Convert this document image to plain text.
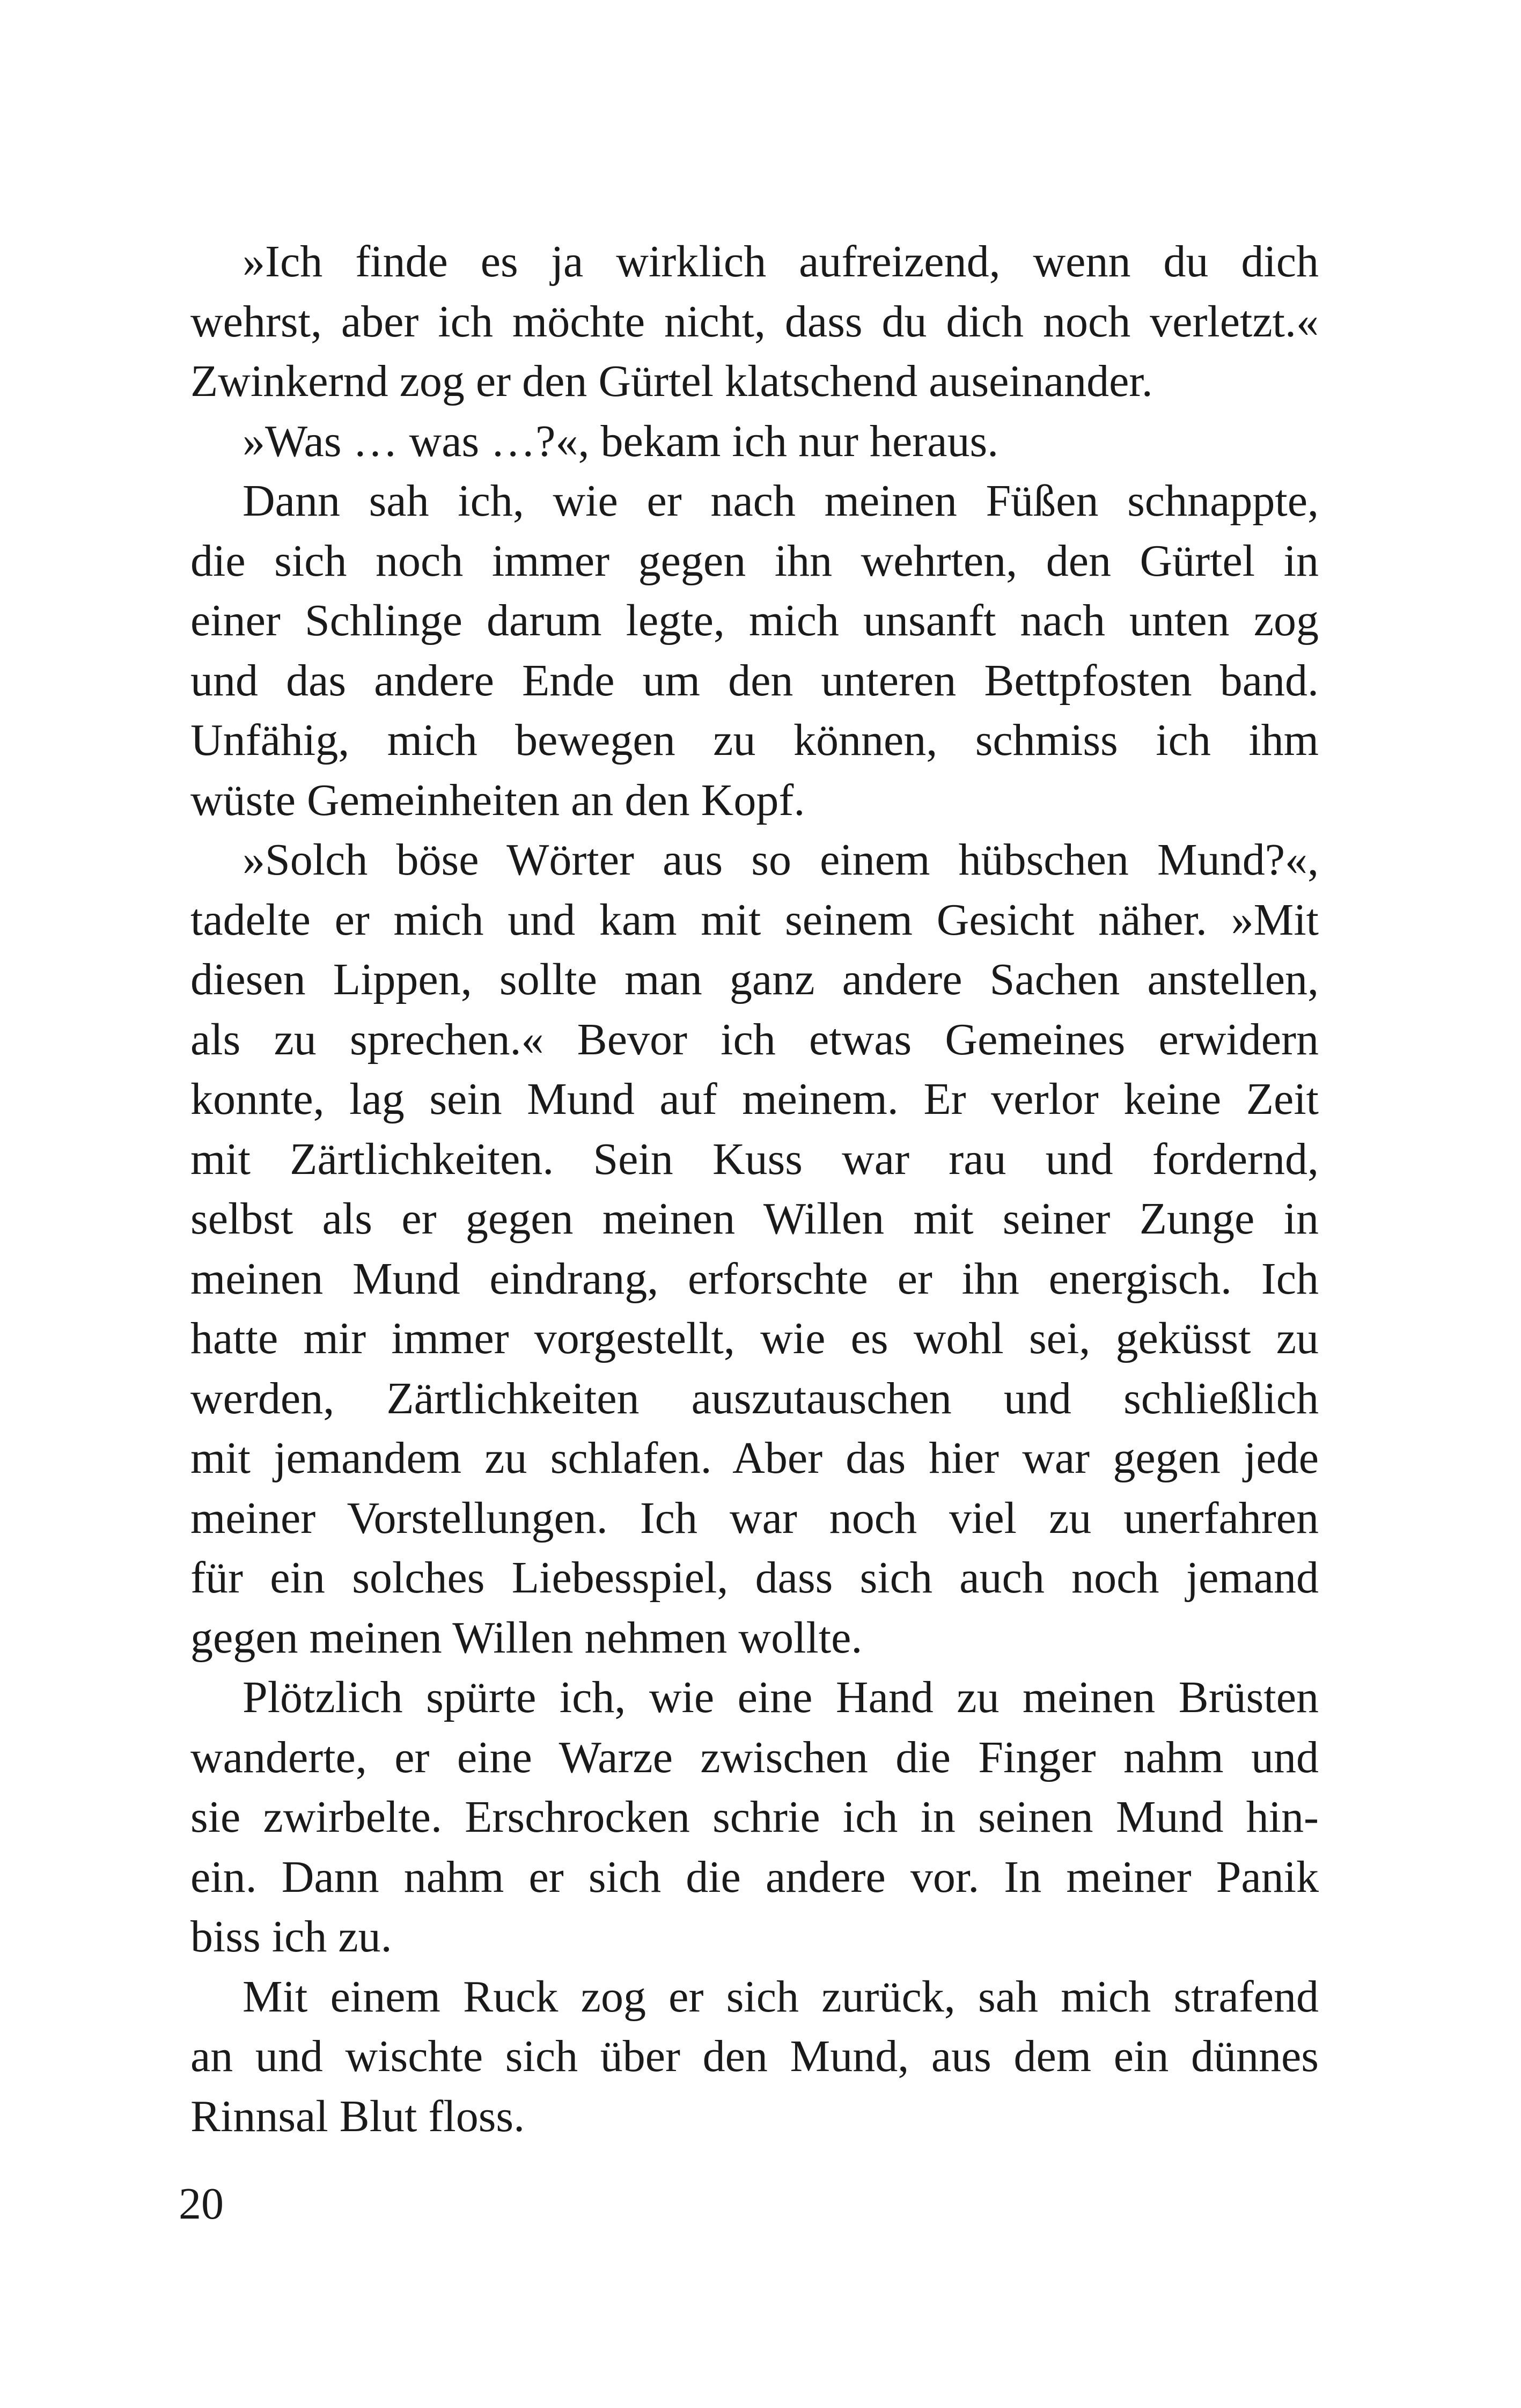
»Ich finde es ja wirklich aufreizend, wenn du dich
wehrst, aber ich möchte nicht, dass du dich noch verletzt.«
Zwinkernd zog er den Gürtel klatschend auseinander.
»Was … was …?«, bekam ich nur heraus.
Dann sah ich, wie er nach meinen Füßen schnappte,
die sich noch immer gegen ihn wehrten, den Gürtel in
einer Schlinge darum legte, mich unsanft nach unten zog
und das andere Ende um den unteren Bettpfosten band.
Unfähig, mich bewegen zu können, schmiss ich ihm
wüste Gemeinheiten an den Kopf.
»Solch böse Wörter aus so einem hübschen Mund?«,
tadelte er mich und kam mit seinem Gesicht näher. »Mit
diesen Lippen, sollte man ganz andere Sachen anstellen,
als zu sprechen.« Bevor ich etwas Gemeines erwidern
konnte, lag sein Mund auf meinem. Er verlor keine Zeit
mit Zärtlichkeiten. Sein Kuss war rau und fordernd,
selbst als er gegen meinen Willen mit seiner Zunge in
meinen Mund eindrang, erforschte er ihn energisch. Ich
hatte mir immer vorgestellt, wie es wohl sei, geküsst zu
werden, Zärtlichkeiten auszutauschen und schließlich
mit jemandem zu schlafen. Aber das hier war gegen jede
meiner Vorstellungen. Ich war noch viel zu unerfahren
für ein solches Liebesspiel, dass sich auch noch jemand
gegen meinen Willen nehmen wollte.
Plötzlich spürte ich, wie eine Hand zu meinen Brüsten
wanderte, er eine Warze zwischen die Finger nahm und
sie zwirbelte. Erschrocken schrie ich in seinen Mund hin-
ein. Dann nahm er sich die andere vor. In meiner Panik
biss ich zu.
Mit einem Ruck zog er sich zurück, sah mich strafend
an und wischte sich über den Mund, aus dem ein dünnes
Rinnsal Blut floss.
20
